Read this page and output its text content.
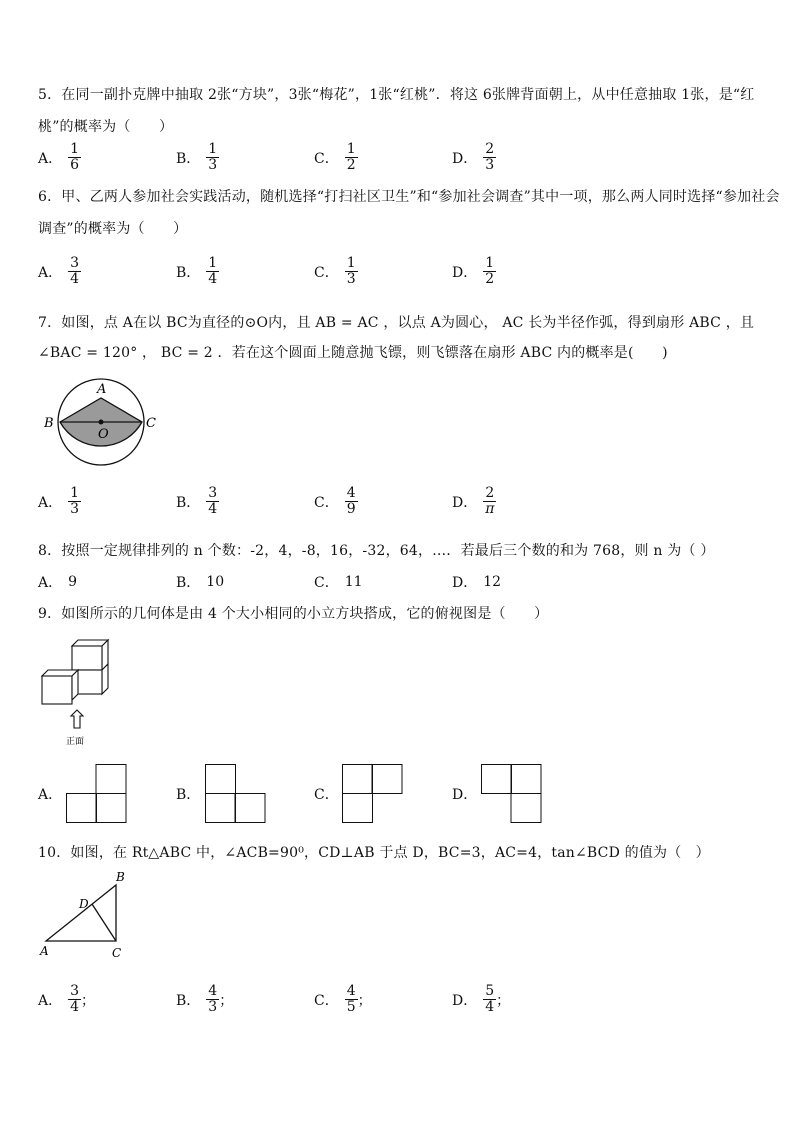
5．在同一副扑克牌中抽取 2张“方块”，3张“梅花”，1张“红桃”．将这 6张牌背面朝上，从中任意抽取 1张，是“红
桃”的概率为（　　）
A． $\frac{1}{6}$	B． $\frac{1}{3}$	C． $\frac{1}{2}$	D． $\frac{2}{3}$
6．甲、乙两人参加社会实践活动，随机选择“打扫社区卫生”和“参加社会调查”其中一项，那么两人同时选择“参加社会
调查”的概率为（　　）
A． $\frac{3}{4}$	B． $\frac{1}{4}$	C． $\frac{1}{3}$	D． $\frac{1}{2}$
7．如图，点 A在以 BC为直径的⊙O内，且 AB = AC ，以点 A为圆心， AC 长为半径作弧，得到扇形 ABC ，且
∠BAC = 120° ， BC = 2 ．若在这个圆面上随意抛飞镖，则飞镖落在扇形 ABC 内的概率是(　　)
A
B	C
O
A． $\frac{1}{3}$	B． $\frac{3}{4}$	C． $\frac{4}{9}$	D． $\frac{2}{\pi}$
8．按照一定规律排列的 n 个数：-2，4，-8，16，-32，64，…．若最后三个数的和为 768，则 n 为（ ）
A． 9	B． 10	C． 11	D． 12
9．如图所示的几何体是由 4 个大小相同的小立方块搭成，它的俯视图是（　　）
正面
A．	B．	C．	D．
10．如图，在 Rt△ABC 中，∠ACB=90⁰，CD⊥AB 于点 D，BC=3，AC=4，tan∠BCD 的值为（　）
B
D
A	C
A． $\frac{3}{4}$ ；	B． $\frac{4}{3}$ ；	C． $\frac{4}{5}$ ；	D． $\frac{5}{4}$ ；
